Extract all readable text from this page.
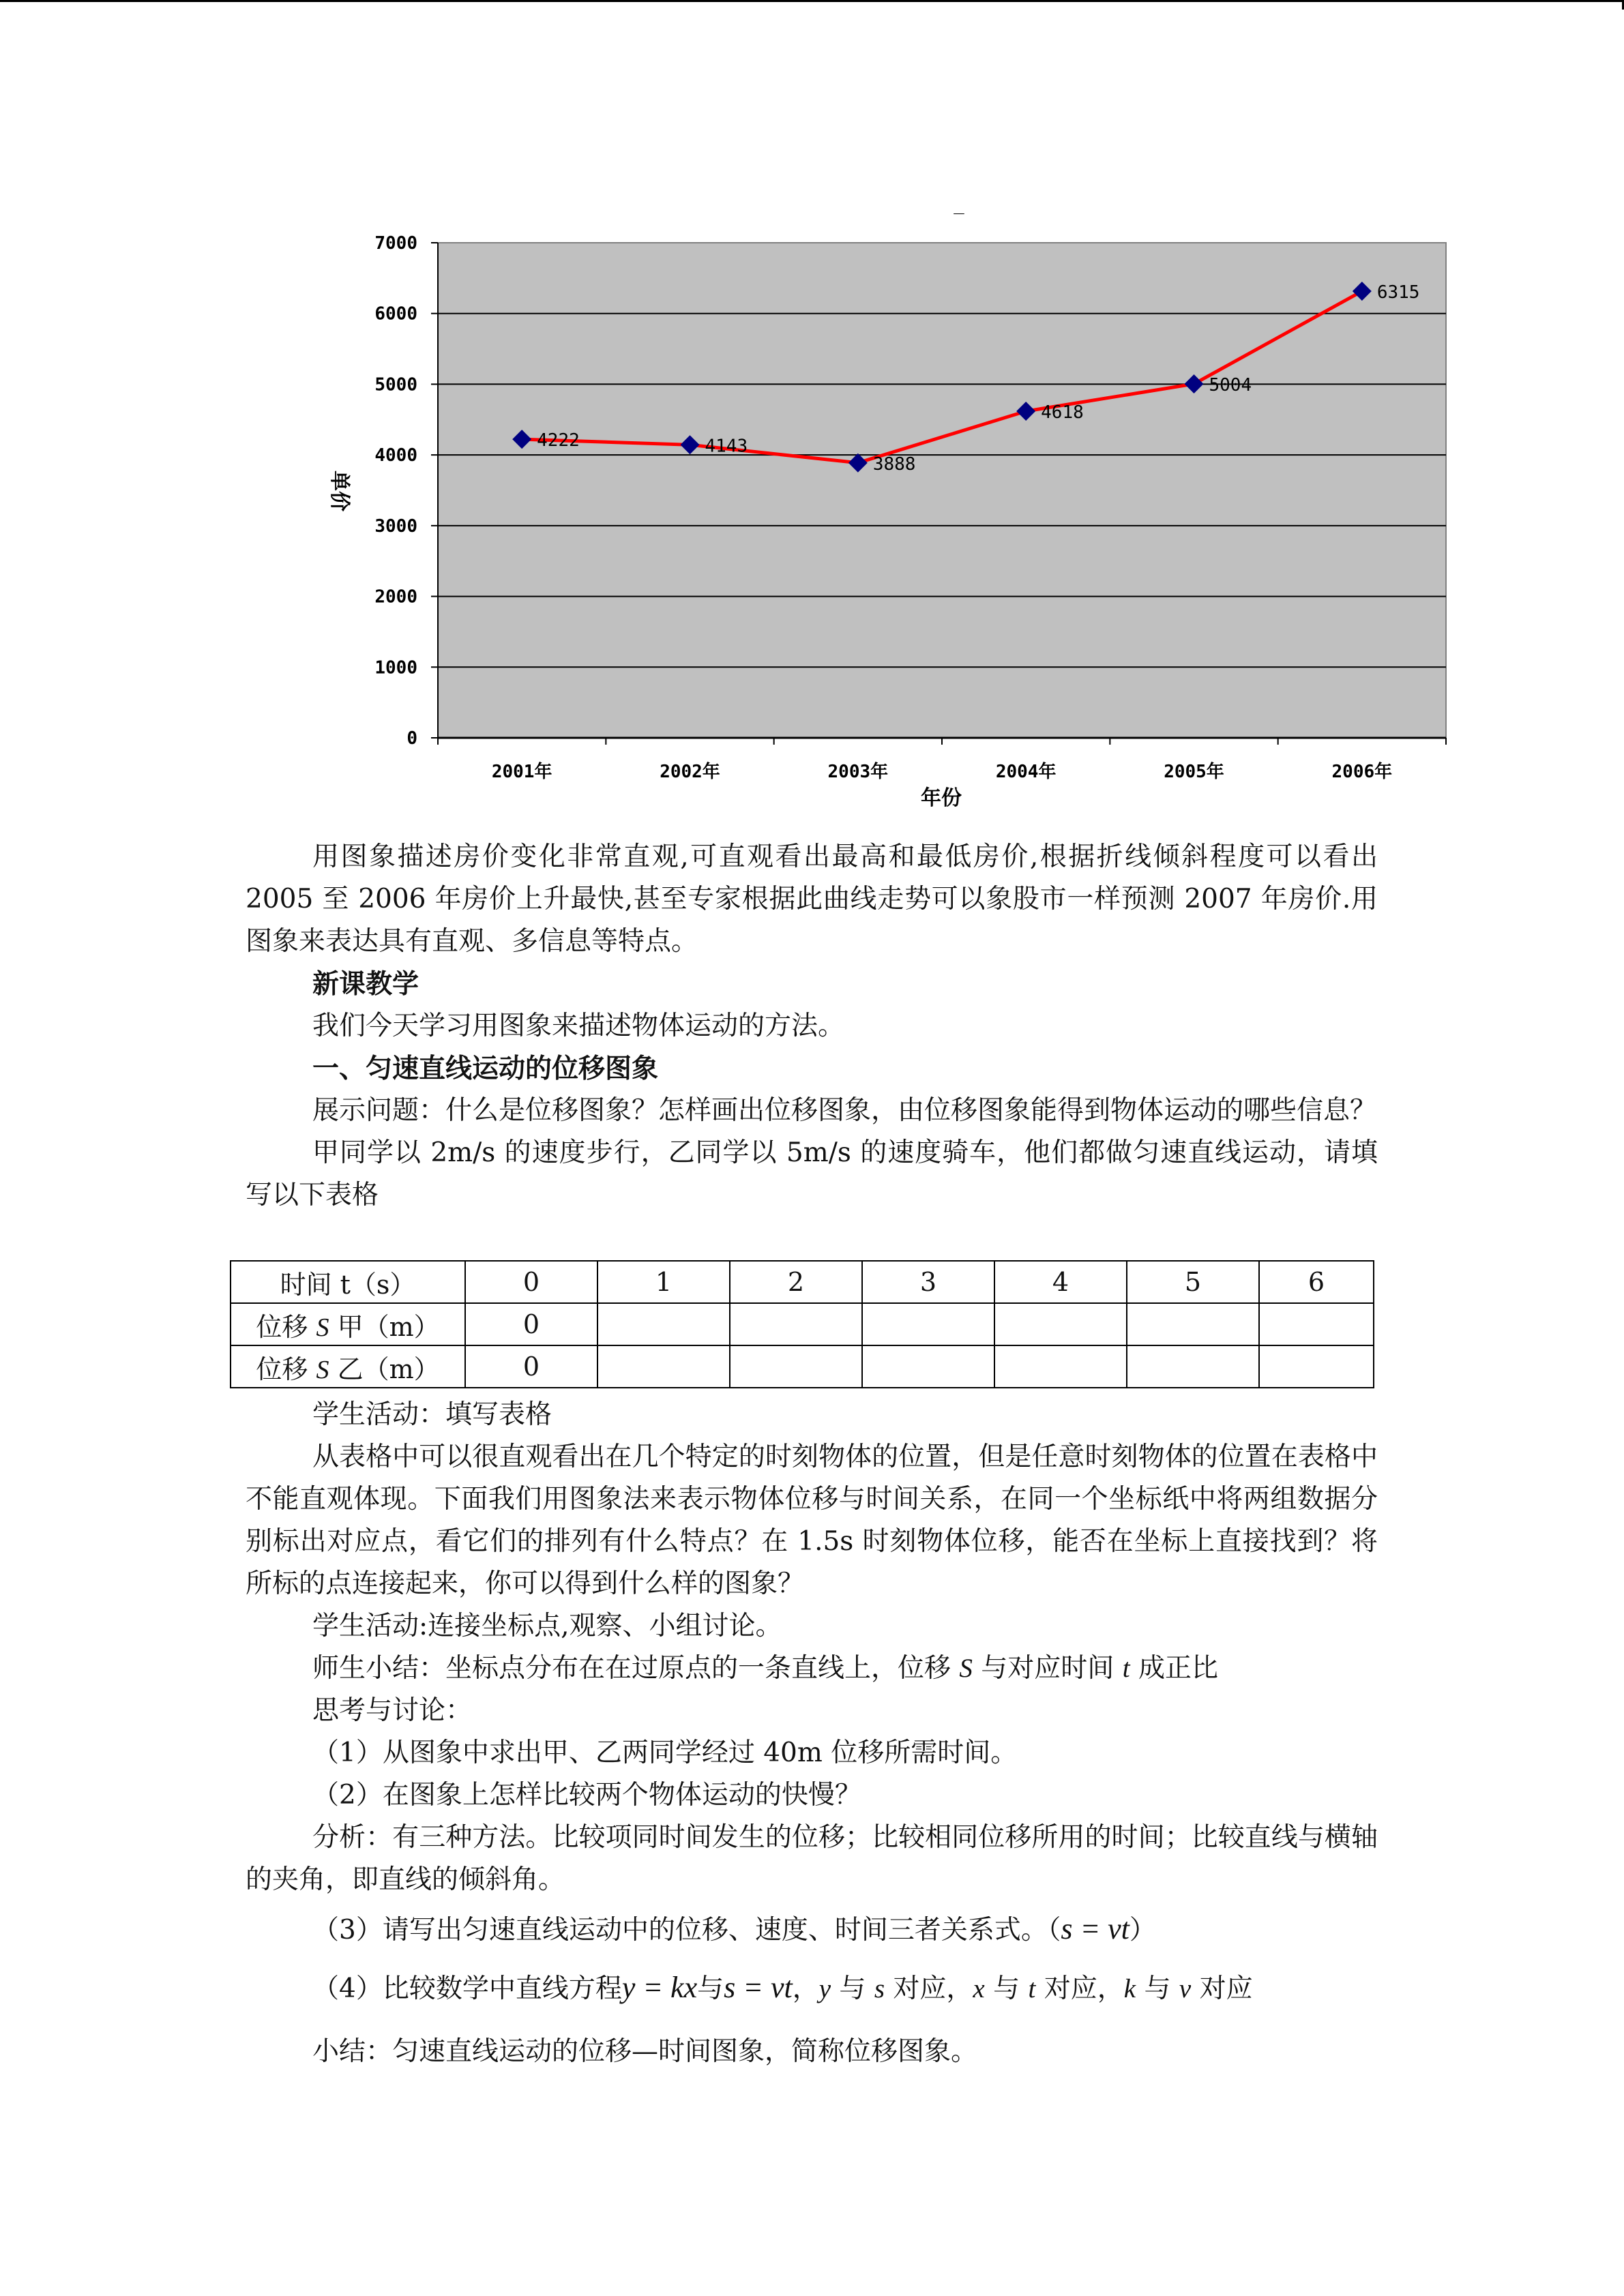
_
0
1000
2000
3000
4000
5000
6000
7000
2001年	2002年	2003年	2004年	2005年	2006年
4222	4143
3888
4618
5004
6315
年份
单价

用图象描述房价变化非常直观,可直观看出最高和最低房价,根据折线倾斜程度可以看出 2005 至 2006 年房价上升最快,甚至专家根据此曲线走势可以象股市一样预测 2007 年房价.用图象来表达具有直观、多信息等特点。

新课教学

我们今天学习用图象来描述物体运动的方法。

一、匀速直线运动的位移图象

展示问题：什么是位移图象？怎样画出位移图象，由位移图象能得到物体运动的哪些信息？

甲同学以 2m/s 的速度步行，乙同学以 5m/s 的速度骑车，他们都做匀速直线运动，请填写以下表格

时间 t（s）	0	1	2	3	4	5	6
位移 S 甲（m）	0						
位移 S 乙（m）	0						

学生活动：填写表格

从表格中可以很直观看出在几个特定的时刻物体的位置，但是任意时刻物体的位置在表格中不能直观体现。下面我们用图象法来表示物体位移与时间关系，在同一个坐标纸中将两组数据分别标出对应点，看它们的排列有什么特点？在 1.5s 时刻物体位移，能否在坐标上直接找到？将所标的点连接起来，你可以得到什么样的图象？

学生活动:连接坐标点,观察、小组讨论。

师生小结：坐标点分布在在过原点的一条直线上，位移 S 与对应时间 t 成正比

思考与讨论：

（1）从图象中求出甲、乙两同学经过 40m 位移所需时间。

（2）在图象上怎样比较两个物体运动的快慢？

分析：有三种方法。比较项同时间发生的位移；比较相同位移所用的时间；比较直线与横轴的夹角，即直线的倾斜角。

（3）请写出匀速直线运动中的位移、速度、时间三者关系式。（s = vt）

（4）比较数学中直线方程y = kx与s = vt，y 与 s 对应，x 与 t 对应，k 与 v 对应

小结：匀速直线运动的位移—时间图象，简称位移图象。
